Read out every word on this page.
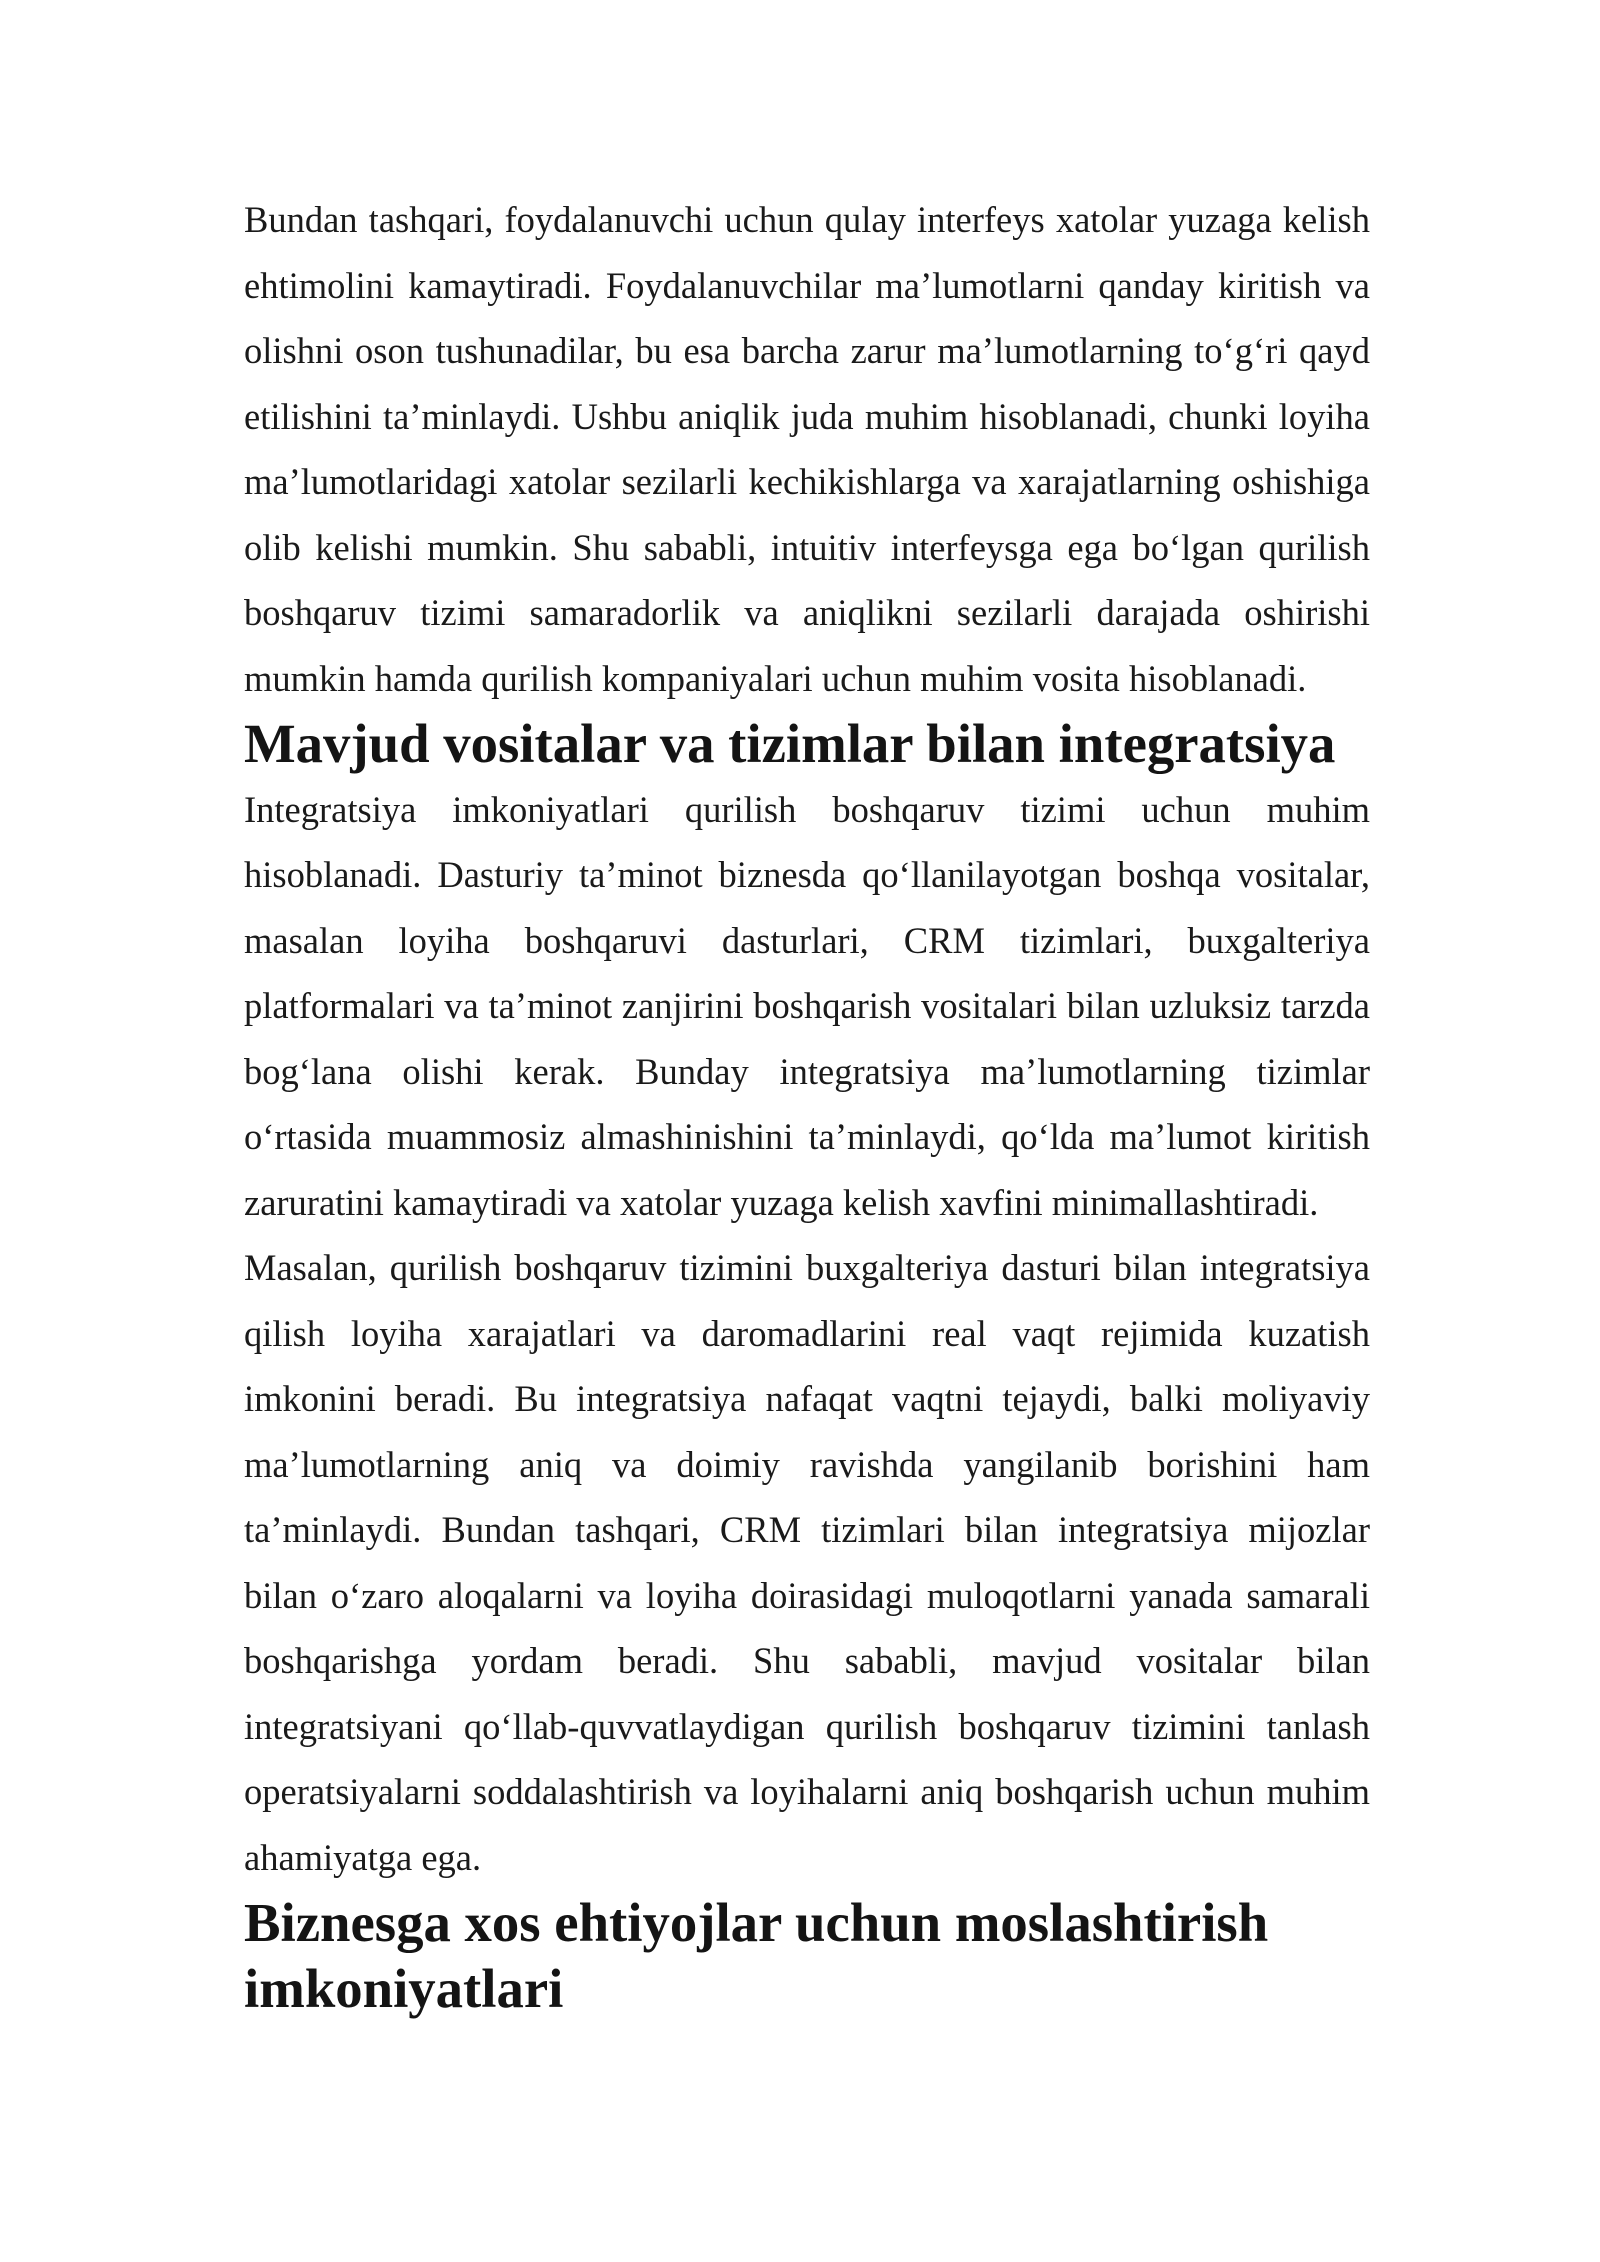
Bundan tashqari, foydalanuvchi uchun qulay interfeys xatolar yuzaga kelish ehtimolini kamaytiradi. Foydalanuvchilar ma’lumotlarni qanday kiritish va olishni oson tushunadilar, bu esa barcha zarur ma’lumotlarning to‘g‘ri qayd etilishini ta’minlaydi. Ushbu aniqlik juda muhim hisoblanadi, chunki loyiha ma’lumotlaridagi xatolar sezilarli kechikishlarga va xarajatlarning oshishiga olib kelishi mumkin. Shu sababli, intuitiv interfeysga ega bo‘lgan qurilish boshqaruv tizimi samaradorlik va aniqlikni sezilarli darajada oshirishi mumkin hamda qurilish kompaniyalari uchun muhim vosita hisoblanadi.

Mavjud vositalar va tizimlar bilan integratsiya

Integratsiya imkoniyatlari qurilish boshqaruv tizimi uchun muhim hisoblanadi. Dasturiy ta’minot biznesda qo‘llanilayotgan boshqa vositalar, masalan loyiha boshqaruvi dasturlari, CRM tizimlari, buxgalteriya platformalari va ta’minot zanjirini boshqarish vositalari bilan uzluksiz tarzda bog‘lana olishi kerak. Bunday integratsiya ma’lumotlarning tizimlar o‘rtasida muammosiz almashinishini ta’minlaydi, qo‘lda ma’lumot kiritish zaruratini kamaytiradi va xatolar yuzaga kelish xavfini minimallashtiradi.

Masalan, qurilish boshqaruv tizimini buxgalteriya dasturi bilan integratsiya qilish loyiha xarajatlari va daromadlarini real vaqt rejimida kuzatish imkonini beradi. Bu integratsiya nafaqat vaqtni tejaydi, balki moliyaviy ma’lumotlarning aniq va doimiy ravishda yangilanib borishini ham ta’minlaydi. Bundan tashqari, CRM tizimlari bilan integratsiya mijozlar bilan o‘zaro aloqalarni va loyiha doirasidagi muloqotlarni yanada samarali boshqarishga yordam beradi. Shu sababli, mavjud vositalar bilan integratsiyani qo‘llab-quvvatlaydigan qurilish boshqaruv tizimini tanlash operatsiyalarni soddalashtirish va loyihalarni aniq boshqarish uchun muhim ahamiyatga ega.

Biznesga xos ehtiyojlar uchun moslashtirish imkoniyatlari
